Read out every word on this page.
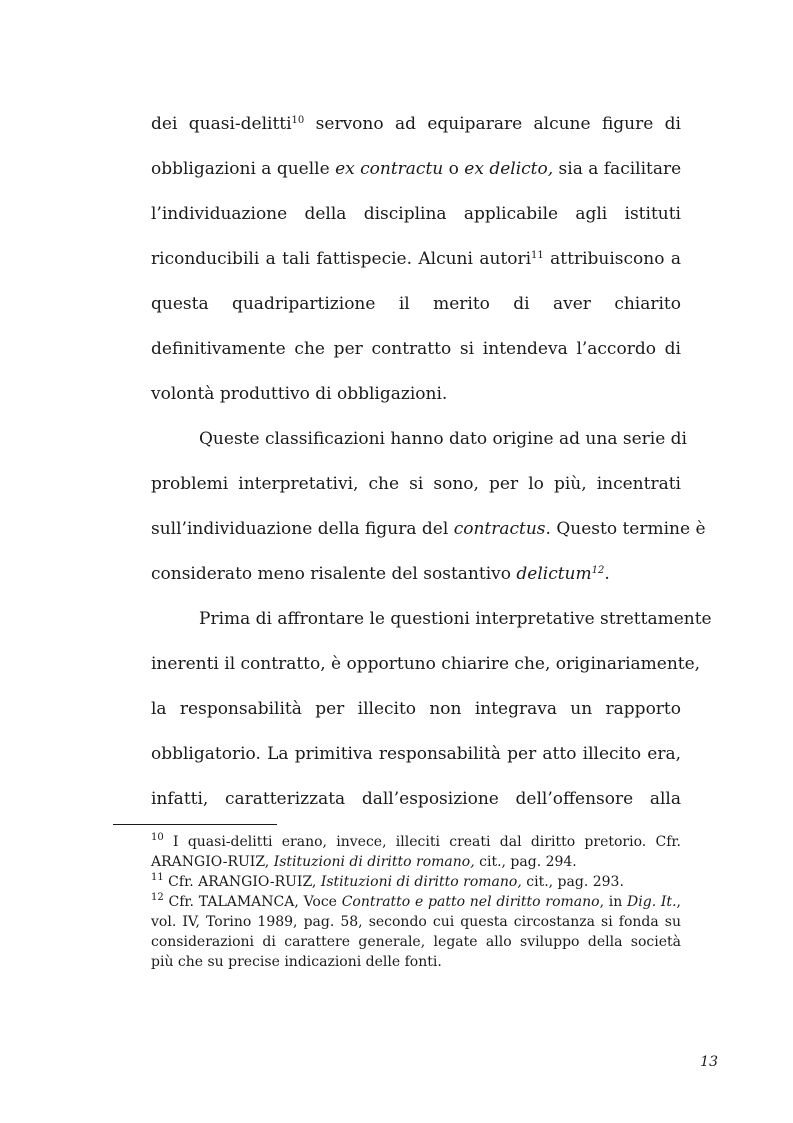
dei quasi-delitti$^{10}$ servono ad equiparare alcune figure di
obbligazioni a quelle ex contractu o ex delicto, sia a facilitare
l’individuazione della disciplina applicabile agli istituti
riconducibili a tali fattispecie. Alcuni autori$^{11}$ attribuiscono a
questa quadripartizione il merito di aver chiarito
definitivamente che per contratto si intendeva l’accordo di
volontà produttivo di obbligazioni.
Queste classificazioni hanno dato origine ad una serie di
problemi interpretativi, che si sono, per lo più, incentrati
sull’individuazione della figura del contractus. Questo termine è
considerato meno risalente del sostantivo delictum$^{12}$.
Prima di affrontare le questioni interpretative strettamente
inerenti il contratto, è opportuno chiarire che, originariamente,
la responsabilità per illecito non integrava un rapporto
obbligatorio. La primitiva responsabilità per atto illecito era,
infatti, caratterizzata dall’esposizione dell’offensore alla
$^{10}$ I quasi-delitti erano, invece, illeciti creati dal diritto pretorio. Cfr.
ARANGIO-RUIZ, Istituzioni di diritto romano, cit., pag. 294.
$^{11}$ Cfr. ARANGIO-RUIZ, Istituzioni di diritto romano, cit., pag. 293.
$^{12}$ Cfr. TALAMANCA, Voce Contratto e patto nel diritto romano, in Dig. It.,
vol. IV, Torino 1989, pag. 58, secondo cui questa circostanza si fonda su
considerazioni di carattere generale, legate allo sviluppo della società
più che su precise indicazioni delle fonti.
13
